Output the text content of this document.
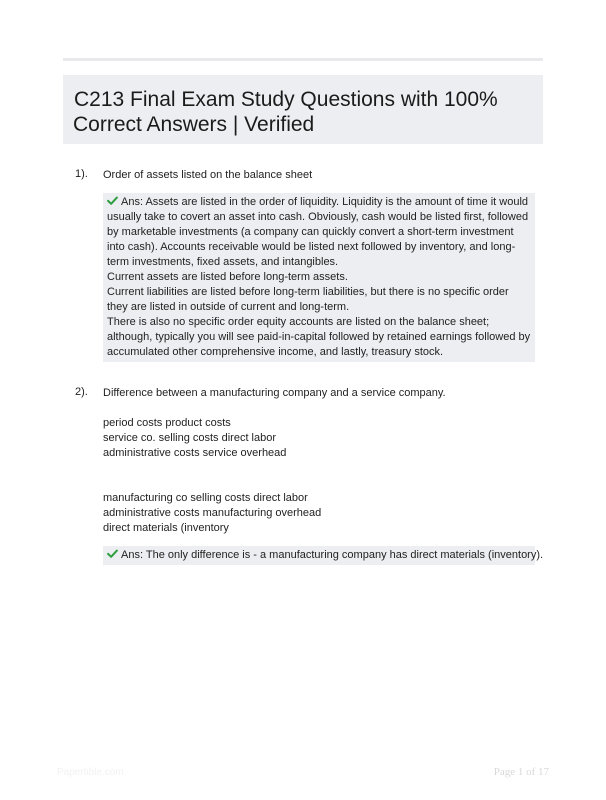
C213 Final Exam Study Questions with 100%
Correct Answers | Verified
1). Order of assets listed on the balance sheet

Ans: Assets are listed in the order of liquidity. Liquidity is the amount of time it would usually take to covert an asset into cash. Obviously, cash would be listed first, followed by marketable investments (a company can quickly convert a short-term investment into cash). Accounts receivable would be listed next followed by inventory, and long-term investments, fixed assets, and intangibles.

Current assets are listed before long-term assets.

Current liabilities are listed before long-term liabilities, but there is no specific order they are listed in outside of current and long-term.

There is also no specific order equity accounts are listed on the balance sheet; although, typically you will see paid-in-capital followed by retained earnings followed by accumulated other comprehensive income, and lastly, treasury stock.

2). Difference between a manufacturing company and a service company.

period costs product costs

service co. selling costs direct labor

administrative costs service overhead

manufacturing co selling costs direct labor

administrative costs manufacturing overhead

direct materials (inventory

Ans: The only difference is - a manufacturing company has direct materials (inventory).

Papertible.com	Page 1 of 17
